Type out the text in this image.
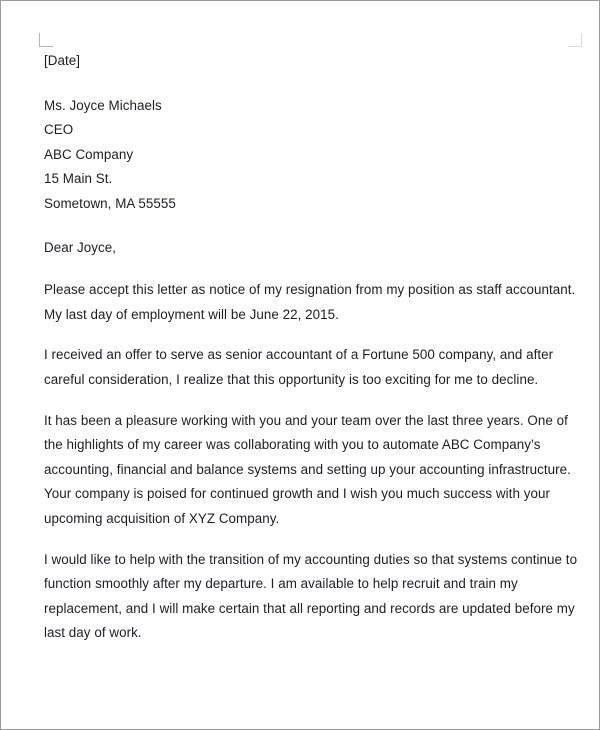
[Date]

Ms. Joyce Michaels
CEO
ABC Company
15 Main St.
Sometown, MA 55555

Dear Joyce,

Please accept this letter as notice of my resignation from my position as staff accountant. My last day of employment will be June 22, 2015.

I received an offer to serve as senior accountant of a Fortune 500 company, and after careful consideration, I realize that this opportunity is too exciting for me to decline.

It has been a pleasure working with you and your team over the last three years. One of the highlights of my career was collaborating with you to automate ABC Company’s accounting, financial and balance systems and setting up your accounting infrastructure. Your company is poised for continued growth and I wish you much success with your upcoming acquisition of XYZ Company.

I would like to help with the transition of my accounting duties so that systems continue to function smoothly after my departure. I am available to help recruit and train my replacement, and I will make certain that all reporting and records are updated before my last day of work.
